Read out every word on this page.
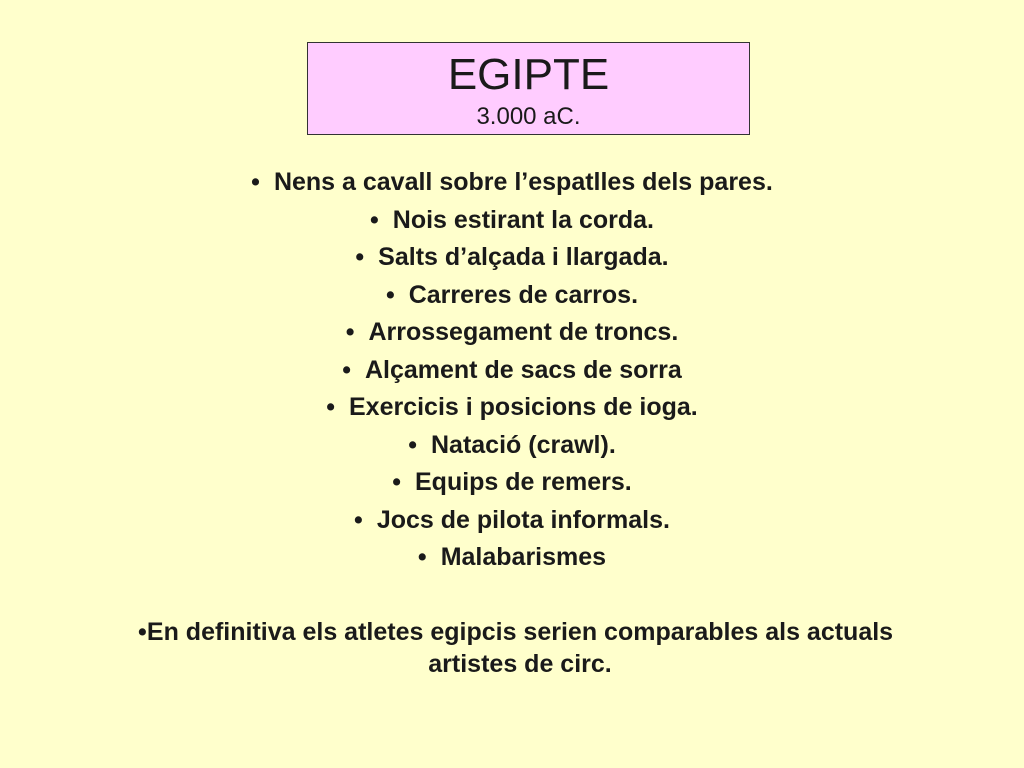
EGIPTE
3.000 aC.
• Nens a cavall sobre l’espatlles dels pares.
• Nois estirant la corda.
• Salts d’alçada i llargada.
• Carreres de carros.
• Arrossegament de troncs.
• Alçament de sacs de sorra
• Exercicis i posicions de ioga.
• Natació (crawl).
• Equips de remers.
• Jocs de pilota informals.
• Malabarismes
• En definitiva els atletes egipcis serien comparables als actuals artistes de circ.
